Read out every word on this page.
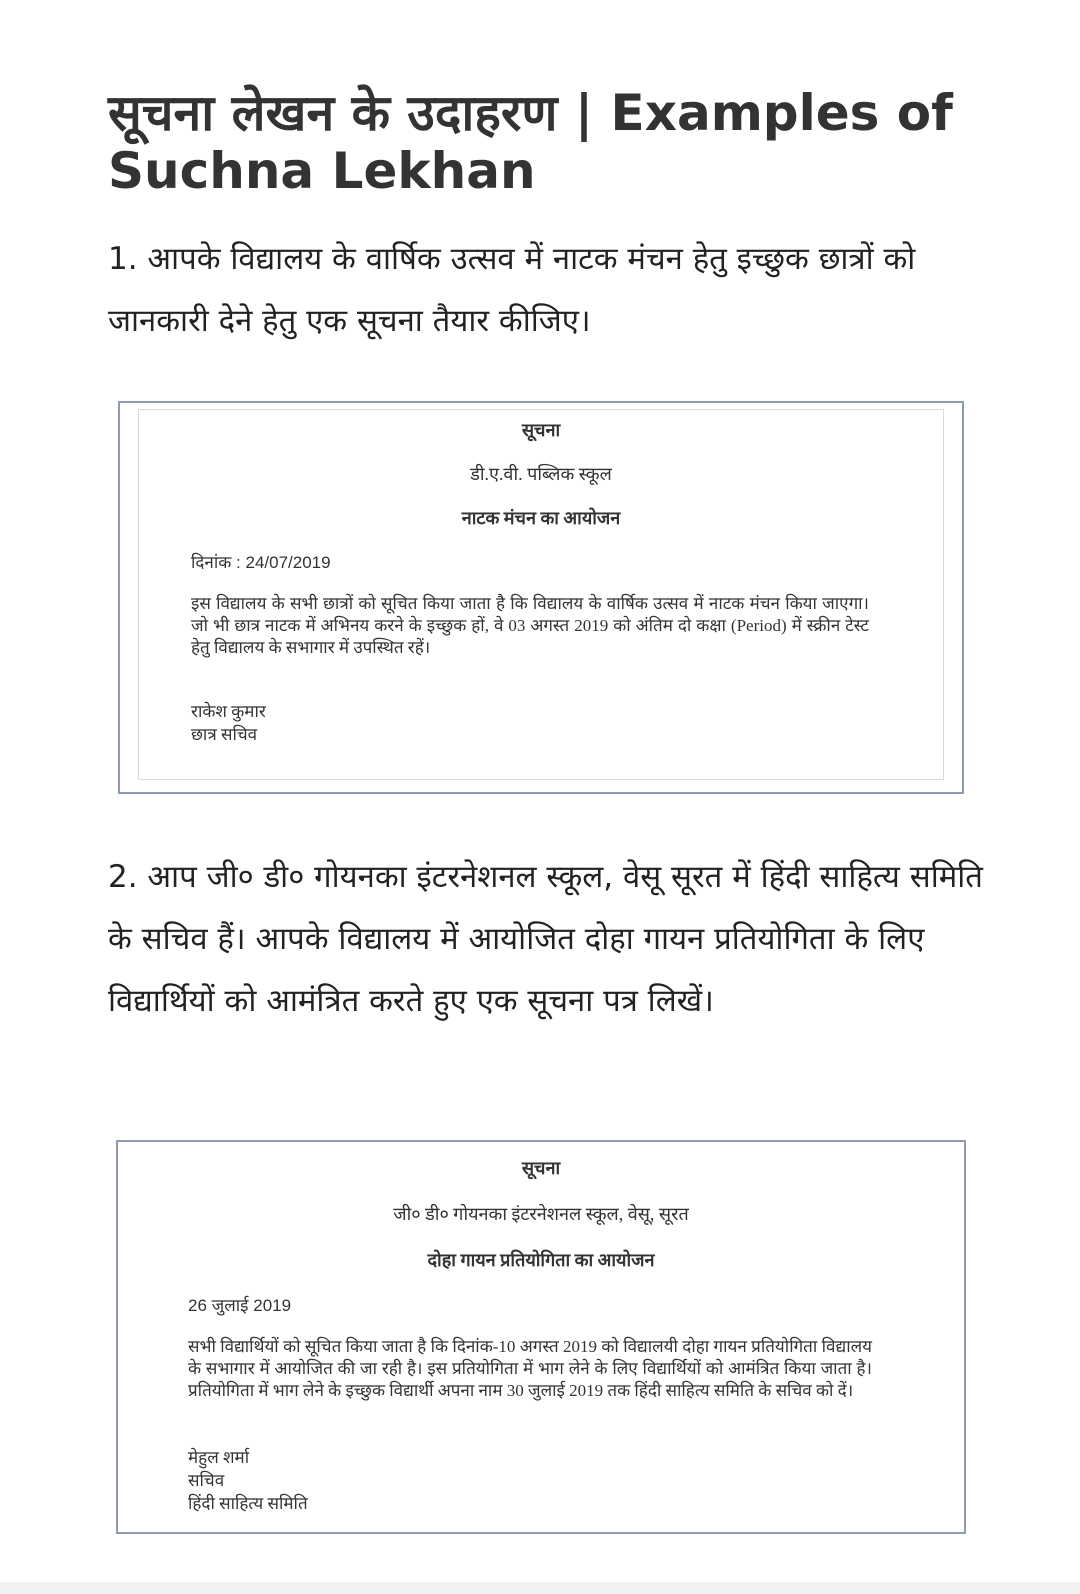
सूचना लेखन के उदाहरण | Examples of Suchna Lekhan

1. आपके विद्यालय के वार्षिक उत्सव में नाटक मंचन हेतु इच्छुक छात्रों को जानकारी देने हेतु एक सूचना तैयार कीजिए।

सूचना
डी.ए.वी. पब्लिक स्कूल
नाटक मंचन का आयोजन
दिनांक : 24/07/2019
इस विद्यालय के सभी छात्रों को सूचित किया जाता है कि विद्यालय के वार्षिक उत्सव में नाटक मंचन किया जाएगा। जो भी छात्र नाटक में अभिनय करने के इच्छुक हों, वे 03 अगस्त 2019 को अंतिम दो कक्षा (Period) में स्क्रीन टेस्ट हेतु विद्यालय के सभागार में उपस्थित रहें।
राकेश कुमार
छात्र सचिव

2. आप जी० डी० गोयनका इंटरनेशनल स्कूल, वेसू सूरत में हिंदी साहित्य समिति के सचिव हैं। आपके विद्यालय में आयोजित दोहा गायन प्रतियोगिता के लिए विद्यार्थियों को आमंत्रित करते हुए एक सूचना पत्र लिखें।

सूचना
जी० डी० गोयनका इंटरनेशनल स्कूल, वेसू, सूरत
दोहा गायन प्रतियोगिता का आयोजन
26 जुलाई 2019
सभी विद्यार्थियों को सूचित किया जाता है कि दिनांक-10 अगस्त 2019 को विद्यालयी दोहा गायन प्रतियोगिता विद्यालय के सभागार में आयोजित की जा रही है। इस प्रतियोगिता में भाग लेने के लिए विद्यार्थियों को आमंत्रित किया जाता है। प्रतियोगिता में भाग लेने के इच्छुक विद्यार्थी अपना नाम 30 जुलाई 2019 तक हिंदी साहित्य समिति के सचिव को दें।
मेहुल शर्मा
सचिव
हिंदी साहित्य समिति
